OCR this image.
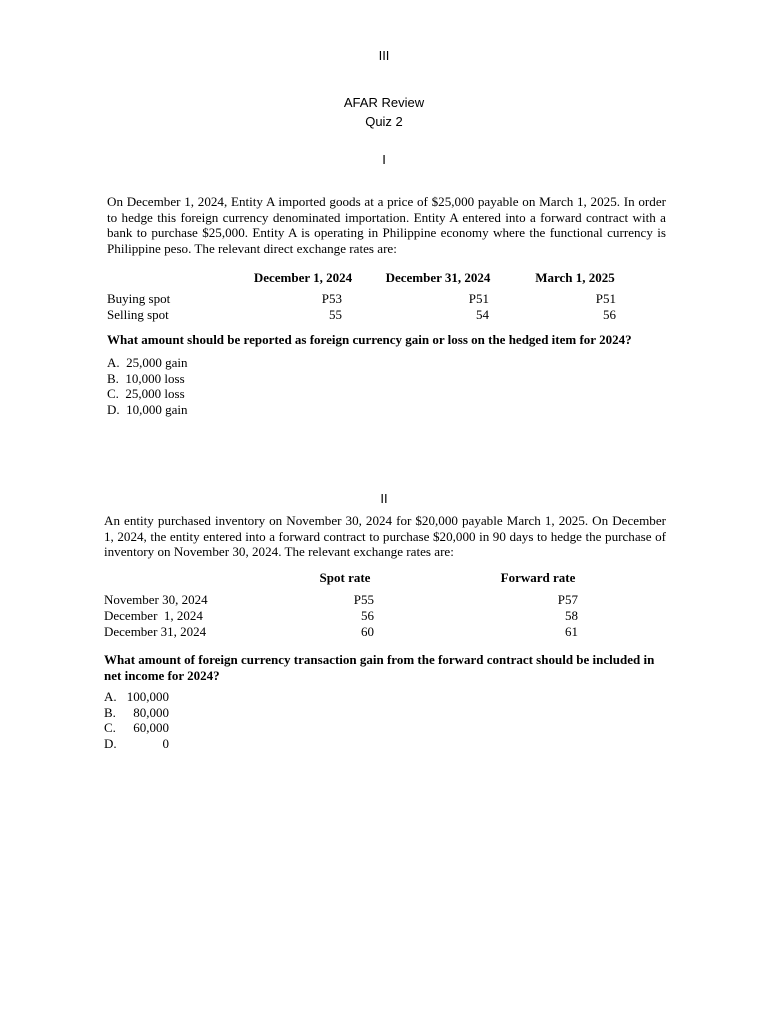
III
AFAR Review
Quiz 2
I
On December 1, 2024, Entity A imported goods at a price of $25,000 payable on March 1, 2025. In order to hedge this foreign currency denominated importation. Entity A entered into a forward contract with a bank to purchase $25,000. Entity A is operating in Philippine economy where the functional currency is Philippine peso. The relevant direct exchange rates are:
December 1, 2024	December 31, 2024	March 1, 2025
Buying spot	P53	P51	P51
Selling spot	55	54	56
What amount should be reported as foreign currency gain or loss on the hedged item for 2024?
A. 25,000 gain
B. 10,000 loss
C. 25,000 loss
D. 10,000 gain
II
An entity purchased inventory on November 30, 2024 for $20,000 payable March 1, 2025. On December 1, 2024, the entity entered into a forward contract to purchase $20,000 in 90 days to hedge the purchase of inventory on November 30, 2024. The relevant exchange rates are:
Spot rate	Forward rate
November 30, 2024	P55	P57
December  1, 2024	56	58
December 31, 2024	60	61
What amount of foreign currency transaction gain from the forward contract should be included in net income for 2024?
A. 100,000
B.	80,000
C.	60,000
D.	0
